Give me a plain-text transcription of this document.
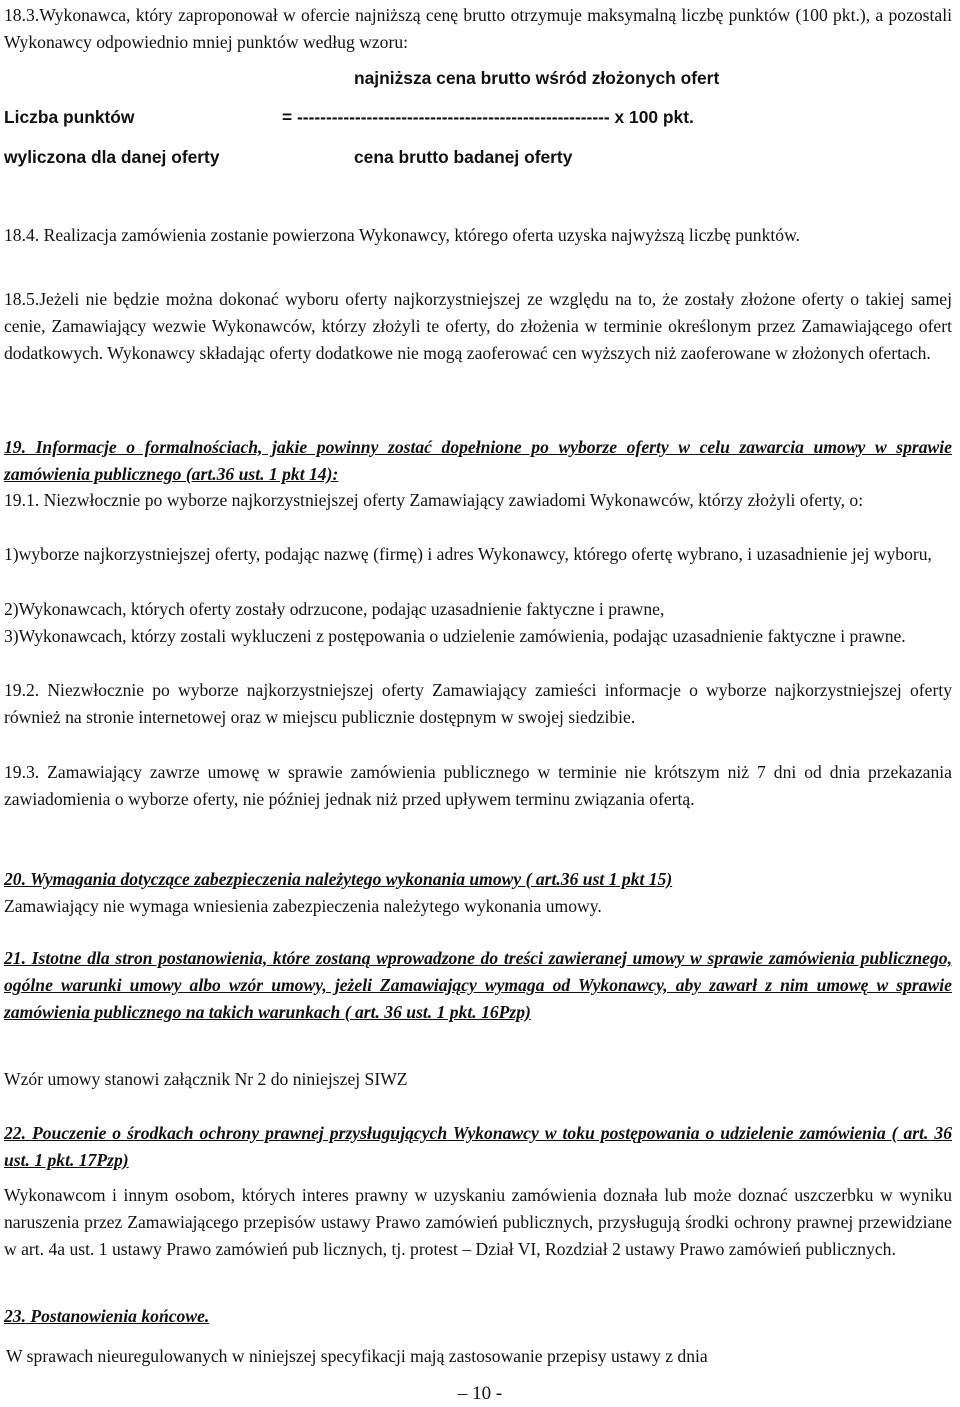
18.3.Wykonawca, który zaproponował w ofercie najniższą cenę brutto otrzymuje maksymalną liczbę punktów (100 pkt.), a pozostali Wykonawcy odpowiednio mniej punktów według wzoru:

najniższa cena brutto wśród złożonych ofert
Liczba punktów	= ------------------------------------------------------ x 100 pkt.
wyliczona dla danej oferty	cena brutto badanej oferty

18.4. Realizacja zamówienia zostanie powierzona Wykonawcy, którego oferta uzyska najwyższą liczbę punktów.

18.5.Jeżeli nie będzie można dokonać wyboru oferty najkorzystniejszej ze względu na to, że zostały złożone oferty o takiej samej cenie, Zamawiający wezwie Wykonawców, którzy złożyli te oferty, do złożenia w terminie określonym przez Zamawiającego ofert dodatkowych. Wykonawcy składając oferty dodatkowe nie mogą zaoferować cen wyższych niż zaoferowane w złożonych ofertach.

19. Informacje o formalnościach, jakie powinny zostać dopełnione po wyborze oferty w celu zawarcia umowy w sprawie zamówienia publicznego (art.36 ust. 1 pkt 14):

19.1. Niezwłocznie po wyborze najkorzystniejszej oferty Zamawiający zawiadomi Wykonawców, którzy złożyli oferty, o:

1)wyborze najkorzystniejszej oferty, podając nazwę (firmę) i adres Wykonawcy, którego ofertę wybrano, i uzasadnienie jej wyboru,

2)Wykonawcach, których oferty zostały odrzucone, podając uzasadnienie faktyczne i prawne,

3)Wykonawcach, którzy zostali wykluczeni z postępowania o udzielenie zamówienia, podając uzasadnienie faktyczne i prawne.

19.2. Niezwłocznie po wyborze najkorzystniejszej oferty Zamawiający zamieści informacje o wyborze najkorzystniejszej oferty również na stronie internetowej oraz w miejscu publicznie dostępnym w swojej siedzibie.

19.3. Zamawiający zawrze umowę w sprawie zamówienia publicznego w terminie nie krótszym niż 7 dni od dnia przekazania zawiadomienia o wyborze oferty, nie później jednak niż przed upływem terminu związania ofertą.

20. Wymagania dotyczące zabezpieczenia należytego wykonania umowy ( art.36 ust 1 pkt 15)

Zamawiający nie wymaga wniesienia zabezpieczenia należytego wykonania umowy.

21. Istotne dla stron postanowienia, które zostaną wprowadzone do treści zawieranej umowy w sprawie zamówienia publicznego, ogólne warunki umowy albo wzór umowy, jeżeli Zamawiający wymaga od Wykonawcy, aby zawarł z nim umowę w sprawie zamówienia publicznego na takich warunkach ( art. 36 ust. 1 pkt. 16Pzp)

Wzór umowy stanowi załącznik Nr 2 do niniejszej SIWZ

22. Pouczenie o środkach ochrony prawnej przysługujących Wykonawcy w toku postępowania o udzielenie zamówienia ( art. 36 ust. 1 pkt. 17Pzp)

Wykonawcom i innym osobom, których interes prawny w uzyskaniu zamówienia doznała lub może doznać uszczerbku w wyniku naruszenia przez Zamawiającego przepisów ustawy Prawo zamówień publicznych, przysługują środki ochrony prawnej przewidziane w art. 4a ust. 1 ustawy Prawo zamówień pub licznych, tj. protest – Dział VI, Rozdział 2 ustawy Prawo zamówień publicznych.

23. Postanowienia końcowe.

W sprawach nieuregulowanych w niniejszej specyfikacji mają zastosowanie przepisy ustawy z dnia

– 10 -
